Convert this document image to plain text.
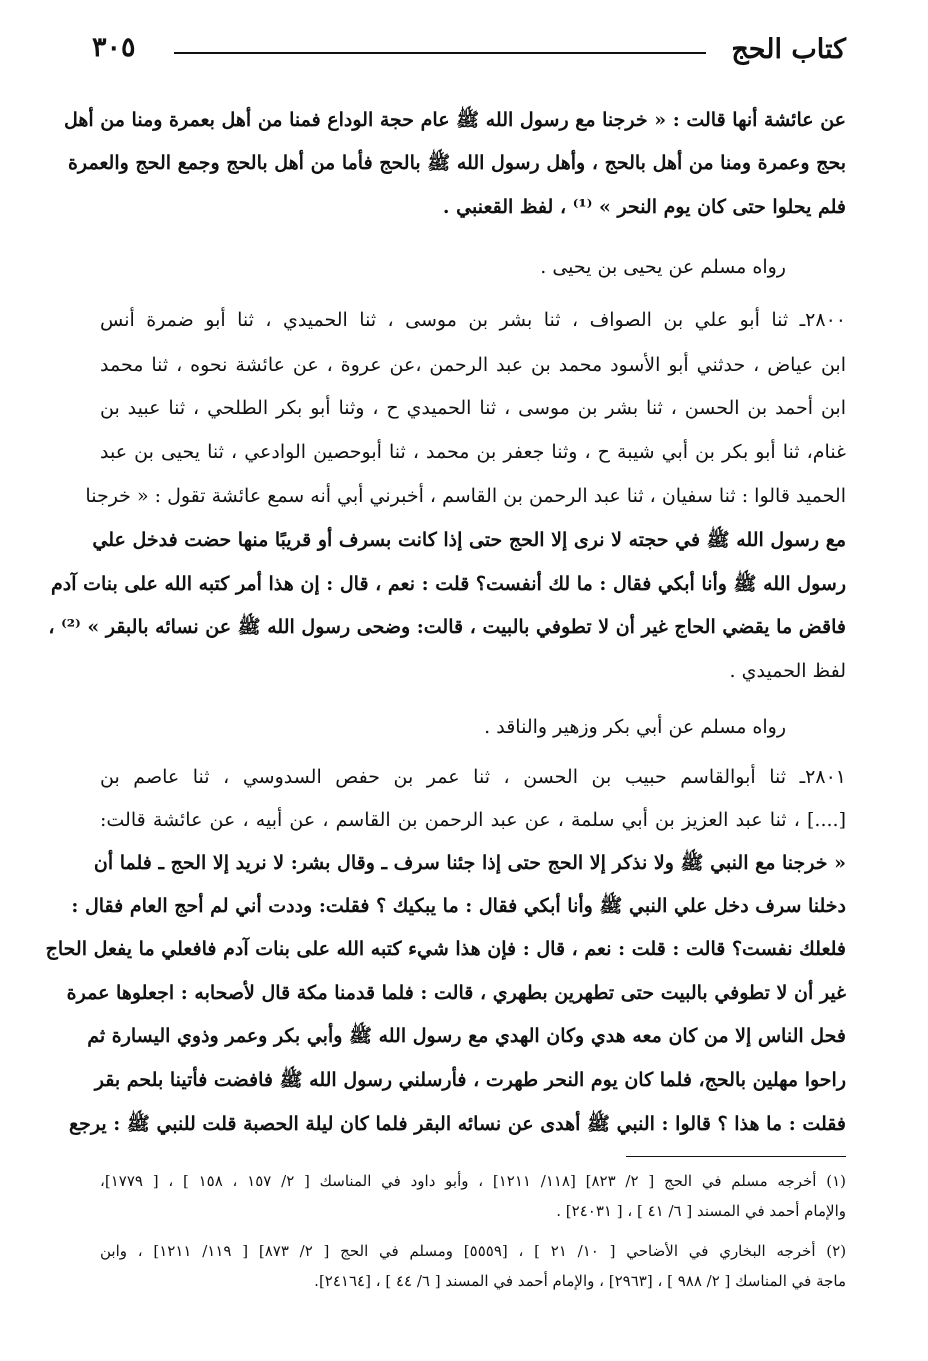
كتاب الحج
٣٠٥
عن عائشة أنها قالت : « خرجنا مع رسول الله ﷺ عام حجة الوداع فمنا من أهل بعمرة ومنا من أهل
بحج وعمرة ومنا من أهل بالحج ، وأهل رسول الله ﷺ بالحج فأما من أهل بالحج وجمع الحج والعمرة
فلم يحلوا حتى كان يوم النحر » ⁽¹⁾ ، لفظ القعنبي .
رواه مسلم عن يحيى بن يحيى .
٢٨٠٠ـ ثنا أبو علي بن الصواف ، ثنا بشر بن موسى ، ثنا الحميدي ، ثنا أبو ضمرة أنس
ابن عياض ، حدثني أبو الأسود محمد بن عبد الرحمن ،عن عروة ، عن عائشة نحوه ، ثنا محمد
ابن أحمد بن الحسن ، ثنا بشر بن موسى ، ثنا الحميدي ح ، وثنا أبو بكر الطلحي ، ثنا عبيد بن
غنام، ثنا أبو بكر بن أبي شيبة ح ، وثنا جعفر بن محمد ، ثنا أبوحصين الوادعي ، ثنا يحيى بن عبد
الحميد قالوا : ثنا سفيان ، ثنا عبد الرحمن بن القاسم ، أخبرني أبي أنه سمع عائشة تقول : « خرجنا
مع رسول الله ﷺ في حجته لا نرى إلا الحج حتى إذا كانت بسرف أو قريبًا منها حضت فدخل علي
رسول الله ﷺ وأنا أبكي فقال : ما لك أنفست؟ قلت : نعم ، قال : إن هذا أمر كتبه الله على بنات آدم
فاقض ما يقضي الحاج غير أن لا تطوفي بالبيت ، قالت: وضحى رسول الله ﷺ عن نسائه بالبقر » ⁽²⁾ ،
لفظ الحميدي .
رواه مسلم عن أبي بكر وزهير والناقد .
٢٨٠١ـ ثنا أبوالقاسم حبيب بن الحسن ، ثنا عمر بن حفص السدوسي ، ثنا عاصم بن
[....] ، ثنا عبد العزيز بن أبي سلمة ، عن عبد الرحمن بن القاسم ، عن أبيه ، عن عائشة قالت:
« خرجنا مع النبي ﷺ ولا نذكر إلا الحج حتى إذا جئنا سرف ـ وقال بشر: لا نريد إلا الحج ـ فلما أن
دخلنا سرف دخل علي النبي ﷺ وأنا أبكي فقال : ما يبكيك ؟ فقلت: وددت أني لم أحج العام فقال :
فلعلك نفست؟ قالت : قلت : نعم ، قال : فإن هذا شيء كتبه الله على بنات آدم فافعلي ما يفعل الحاج
غير أن لا تطوفي بالبيت حتى تطهرين بطهري ، قالت : فلما قدمنا مكة قال لأصحابه : اجعلوها عمرة
فحل الناس إلا من كان معه هدي وكان الهدي مع رسول الله ﷺ وأبي بكر وعمر وذوي اليسارة ثم
راحوا مهلين بالحج، فلما كان يوم النحر طهرت ، فأرسلني رسول الله ﷺ فافضت فأتينا بلحم بقر
فقلت : ما هذا ؟ قالوا : النبي ﷺ أهدى عن نسائه البقر فلما كان ليلة الحصبة قلت للنبي ﷺ : يرجع
(١) أخرجه مسلم في الحج [ ٢/ ٨٢٣] [١١٨/ ١٢١١] ، وأبو داود في المناسك [ ٢/ ١٥٧ ، ١٥٨ ] ، [ ١٧٧٩]،
والإمام أحمد في المسند [ ٦/ ٤١ ] ، [ ٢٤٠٣١] .
(٢) أخرجه البخاري في الأضاحي [ ١٠/ ٢١ ] ، [٥٥٥٩] ومسلم في الحج [ ٢/ ٨٧٣] [ ١١٩/ ١٢١١] ، وابن
ماجة في المناسك [ ٢/ ٩٨٨ ] ، [٢٩٦٣] ، والإمام أحمد في المسند [ ٦/ ٤٤ ] ، [٢٤١٦٤].
